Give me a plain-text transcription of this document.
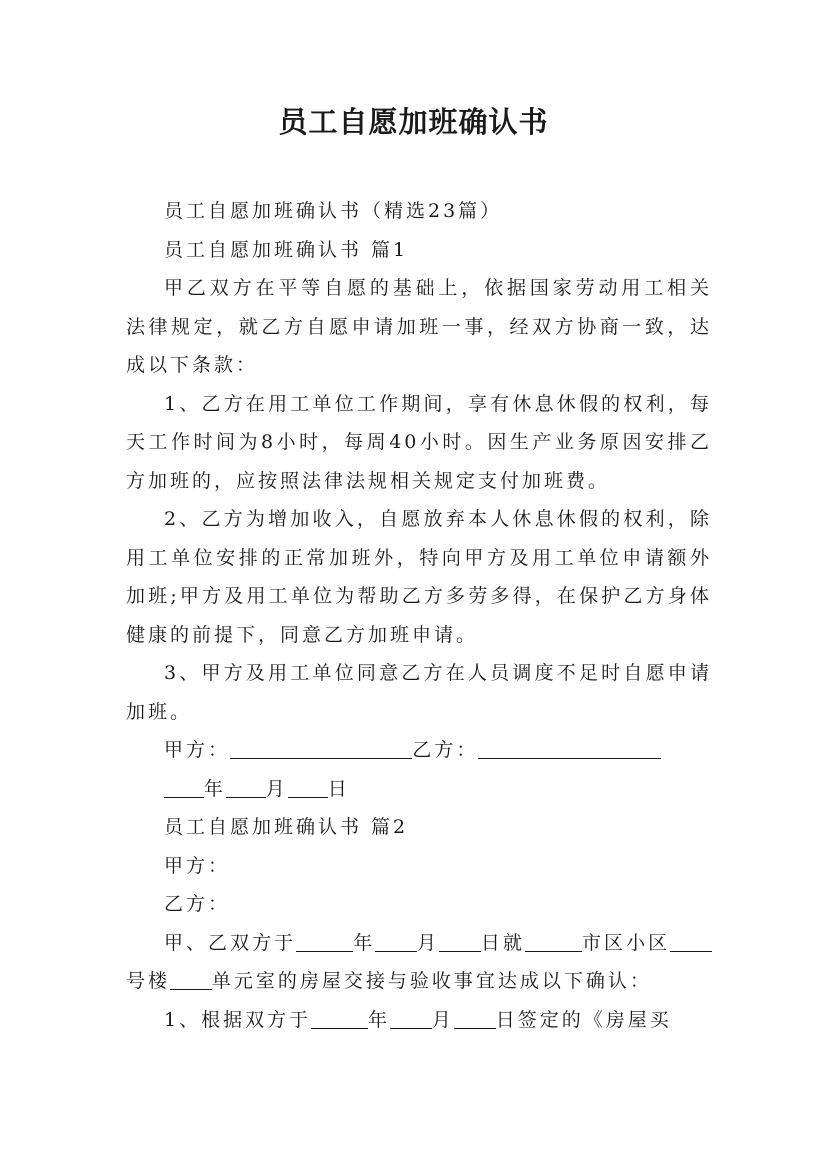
员工自愿加班确认书

员工自愿加班确认书（精选23篇）

员工自愿加班确认书 篇1

甲乙双方在平等自愿的基础上，依据国家劳动用工相关法律规定，就乙方自愿申请加班一事，经双方协商一致，达成以下条款：

1、乙方在用工单位工作期间，享有休息休假的权利，每天工作时间为8小时，每周40小时。因生产业务原因安排乙方加班的，应按照法律法规相关规定支付加班费。

2、乙方为增加收入，自愿放弃本人休息休假的权利，除用工单位安排的正常加班外，特向甲方及用工单位申请额外加班;甲方及用工单位为帮助乙方多劳多得，在保护乙方身体健康的前提下，同意乙方加班申请。

3、甲方及用工单位同意乙方在人员调度不足时自愿申请加班。

甲方：	乙方：

年 月 日

员工自愿加班确认书 篇2

甲方：

乙方：

甲、乙双方于	年 月 日就	市区小区号楼 单元室的房屋交接与验收事宜达成以下确认：

1、根据双方于	年 月 日签定的《房屋买
